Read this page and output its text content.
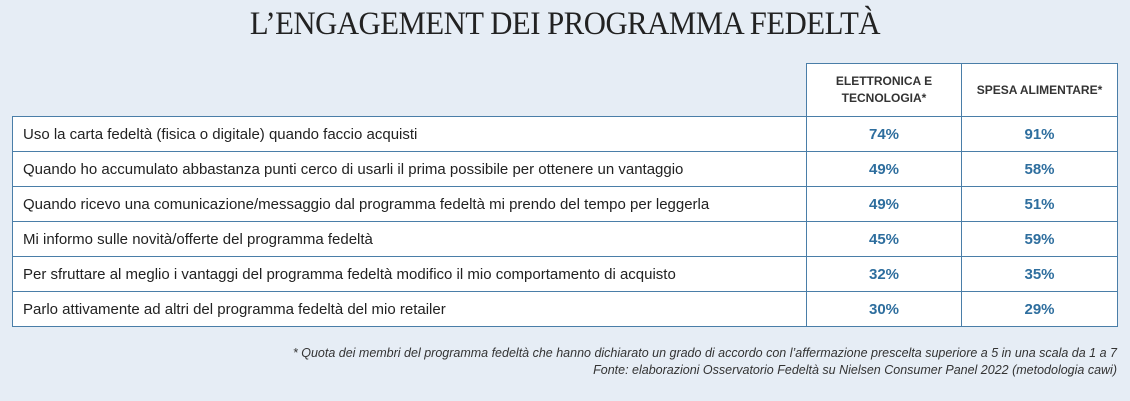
L’ENGAGEMENT DEI PROGRAMMA FEDELTÀ
	ELETTRONICA E TECNOLOGIA*	SPESA ALIMENTARE*
Uso la carta fedeltà (fisica o digitale) quando faccio acquisti	74%	91%
Quando ho accumulato abbastanza punti cerco di usarli il prima possibile per ottenere un vantaggio	49%	58%
Quando ricevo una comunicazione/messaggio dal programma fedeltà mi prendo del tempo per leggerla	49%	51%
Mi informo sulle novità/offerte del programma fedeltà	45%	59%
Per sfruttare al meglio i vantaggi del programma fedeltà modifico il mio comportamento di acquisto	32%	35%
Parlo attivamente ad altri del programma fedeltà del mio retailer	30%	29%
* Quota dei membri del programma fedeltà che hanno dichiarato un grado di accordo con l’affermazione prescelta superiore a 5 in una scala da 1 a 7
Fonte: elaborazioni Osservatorio Fedeltà su Nielsen Consumer Panel 2022 (metodologia cawi)
